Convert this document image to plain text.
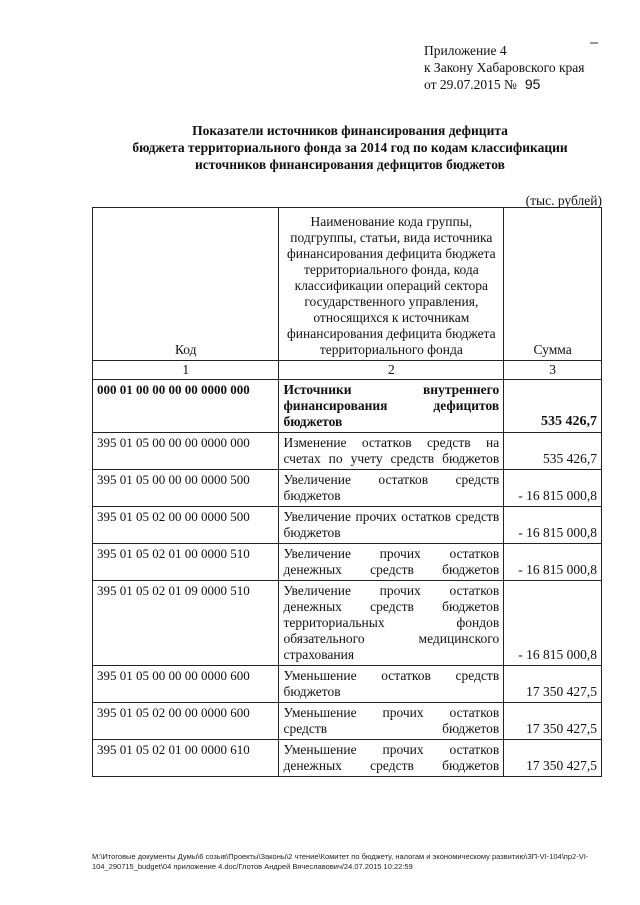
Приложение 4
к Закону Хабаровского края
от 29.07.2015 № 95
Показатели источников финансирования дефицита
бюджета территориального фонда за 2014 год по кодам классификации
источников финансирования дефицитов бюджетов
(тыс. рублей)
Код	Наименование кода группы, подгруппы, статьи, вида источника финансирования дефицита бюджета территориального фонда, кода классификации операций сектора государственного управления, относящихся к источникам финансирования дефицита бюджета территориального фонда	Сумма
1	2	3
000 01 00 00 00 00 0000 000	Источники внутреннего финансирования дефицитов бюджетов	535 426,7
395 01 05 00 00 00 0000 000	Изменение остатков средств на счетах по учету средств бюджетов	535 426,7
395 01 05 00 00 00 0000 500	Увеличение остатков средств бюджетов	- 16 815 000,8
395 01 05 02 00 00 0000 500	Увеличение прочих остатков средств бюджетов	- 16 815 000,8
395 01 05 02 01 00 0000 510	Увеличение прочих остатков денежных средств бюджетов	- 16 815 000,8
395 01 05 02 01 09 0000 510	Увеличение прочих остатков денежных средств бюджетов территориальных фондов обязательного медицинского страхования	- 16 815 000,8
395 01 05 00 00 00 0000 600	Уменьшение остатков средств бюджетов	17 350 427,5
395 01 05 02 00 00 0000 600	Уменьшение прочих остатков средств бюджетов	17 350 427,5
395 01 05 02 01 00 0000 610	Уменьшение прочих остатков денежных средств бюджетов	17 350 427,5
M:\Итоговые документы Думы\6 созыв\Проекты\Законы\2 чтение\Комитет по бюджету, налогам и экономическому развитию\ЗП-VI-104\пр2-VI-104_290715_budget\04 приложение 4.doc/Глотов Андрей Вячеславович/24.07.2015 10:22:59
